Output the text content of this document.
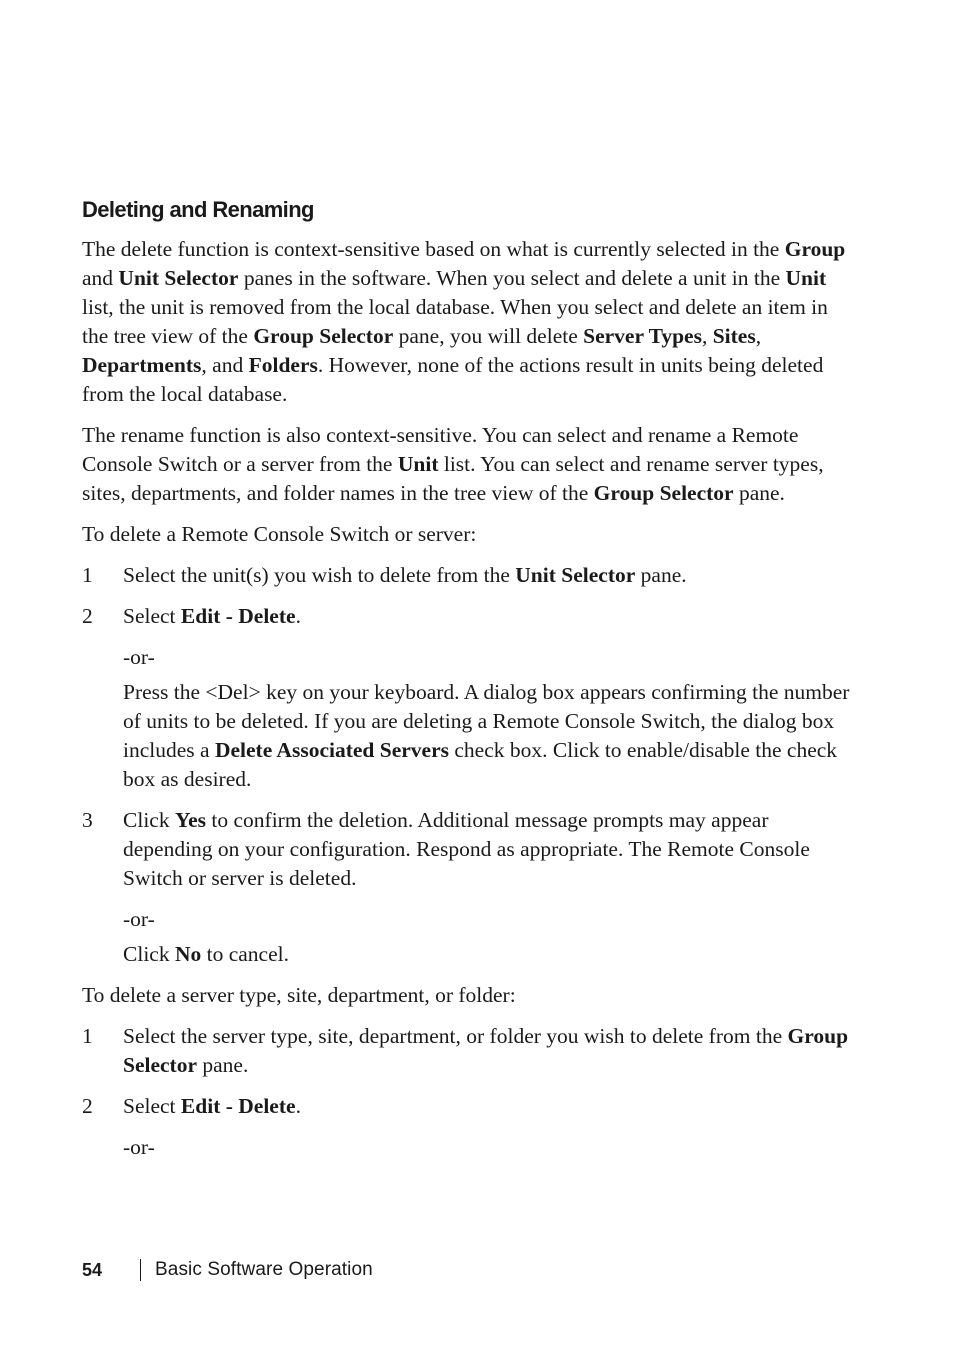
Deleting and Renaming

The delete function is context-sensitive based on what is currently selected in the Group and Unit Selector panes in the software. When you select and delete a unit in the Unit list, the unit is removed from the local database. When you select and delete an item in the tree view of the Group Selector pane, you will delete Server Types, Sites, Departments, and Folders. However, none of the actions result in units being deleted from the local database.

The rename function is also context-sensitive. You can select and rename a Remote Console Switch or a server from the Unit list. You can select and rename server types, sites, departments, and folder names in the tree view of the Group Selector pane.

To delete a Remote Console Switch or server:

1	Select the unit(s) you wish to delete from the Unit Selector pane.
2	Select Edit - Delete.
-or-
Press the <Del> key on your keyboard. A dialog box appears confirming the number of units to be deleted. If you are deleting a Remote Console Switch, the dialog box includes a Delete Associated Servers check box. Click to enable/disable the check box as desired.
3	Click Yes to confirm the deletion. Additional message prompts may appear depending on your configuration. Respond as appropriate. The Remote Console Switch or server is deleted.
-or-
Click No to cancel.

To delete a server type, site, department, or folder:

1	Select the server type, site, department, or folder you wish to delete from the Group Selector pane.
2	Select Edit - Delete.
-or-
54	Basic Software Operation
